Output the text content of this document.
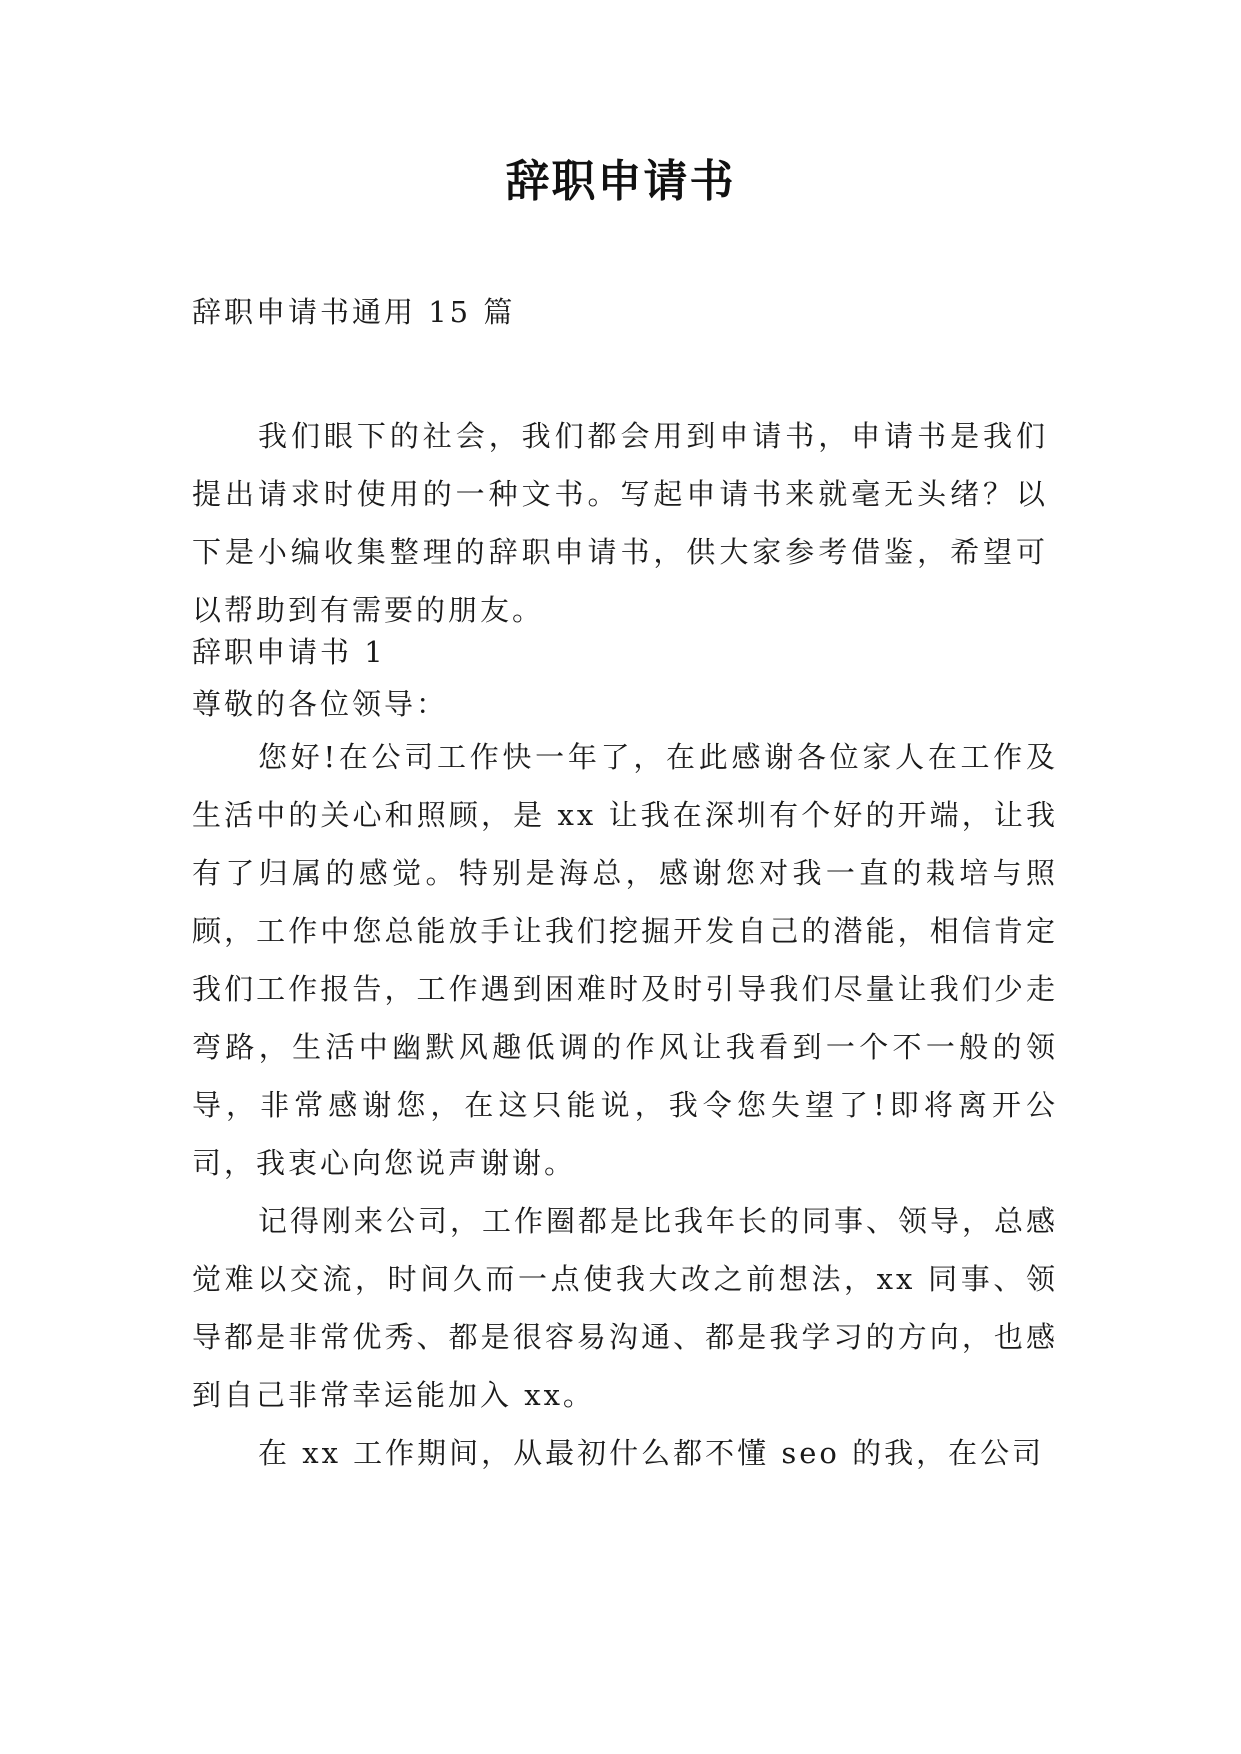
辞职申请书
辞职申请书通用 15 篇

我们眼下的社会，我们都会用到申请书，申请书是我们提出请求时使用的一种文书。写起申请书来就毫无头绪？以下是小编收集整理的辞职申请书，供大家参考借鉴，希望可以帮助到有需要的朋友。

辞职申请书 1
尊敬的各位领导：

您好!在公司工作快一年了，在此感谢各位家人在工作及生活中的关心和照顾，是 xx 让我在深圳有个好的开端，让我有了归属的感觉。特别是海总，感谢您对我一直的栽培与照顾，工作中您总能放手让我们挖掘开发自己的潜能，相信肯定我们工作报告，工作遇到困难时及时引导我们尽量让我们少走弯路，生活中幽默风趣低调的作风让我看到一个不一般的领导，非常感谢您，在这只能说，我令您失望了!即将离开公司，我衷心向您说声谢谢。

记得刚来公司，工作圈都是比我年长的同事、领导，总感觉难以交流，时间久而一点使我大改之前想法，xx 同事、领导都是非常优秀、都是很容易沟通、都是我学习的方向，也感到自己非常幸运能加入 xx。

在 xx 工作期间，从最初什么都不懂 seo 的我，在公司
